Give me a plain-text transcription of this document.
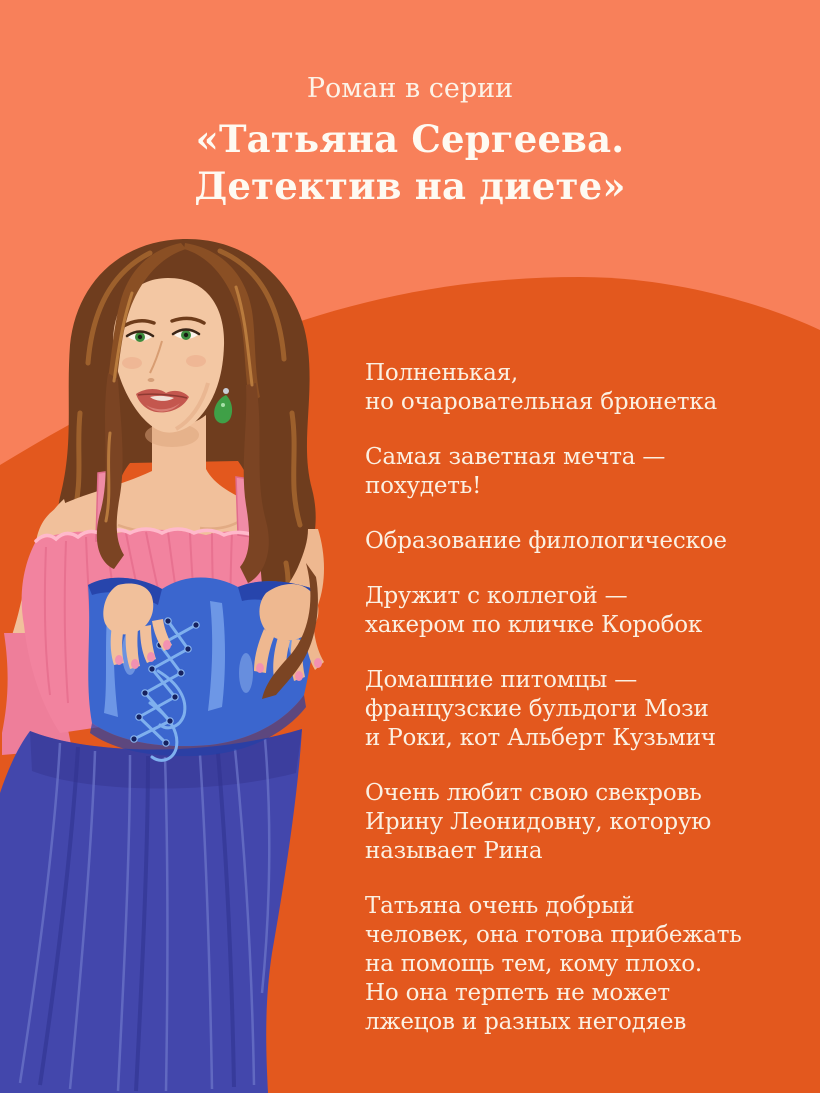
Роман в серии
«Татьяна Сергеева.
Детектив на диете»
Полненькая,
но очаровательная брюнетка
Самая заветная мечта —
похудеть!
Образование филологическое
Дружит с коллегой —
хакером по кличке Коробок
Домашние питомцы —
французские бульдоги Мози
и Роки, кот Альберт Кузьмич
Очень любит свою свекровь
Ирину Леонидовну, которую
называет Рина
Татьяна очень добрый
человек, она готова прибежать
на помощь тем, кому плохо.
Но она терпеть не может
лжецов и разных негодяев
